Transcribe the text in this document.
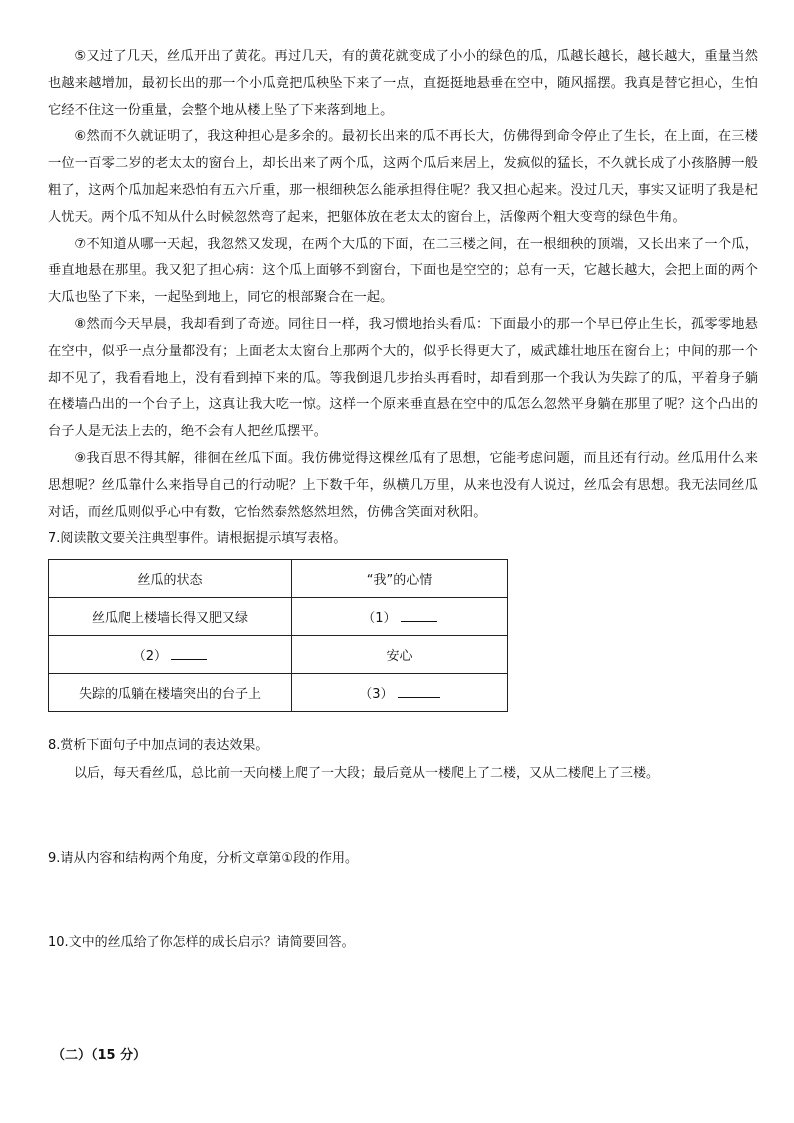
⑤又过了几天，丝瓜开出了黄花。再过几天，有的黄花就变成了小小的绿色的瓜，瓜越长越长，越长越大，重量当然也越来越增加，最初长出的那一个小瓜竟把瓜秧坠下来了一点，直挺挺地悬垂在空中，随风摇摆。我真是替它担心，生怕它经不住这一份重量，会整个地从楼上坠了下来落到地上。

⑥然而不久就证明了，我这种担心是多余的。最初长出来的瓜不再长大，仿佛得到命令停止了生长，在上面，在三楼一位一百零二岁的老太太的窗台上，却长出来了两个瓜，这两个瓜后来居上，发疯似的猛长，不久就长成了小孩胳膊一般粗了，这两个瓜加起来恐怕有五六斤重，那一根细秧怎么能承担得住呢？我又担心起来。没过几天，事实又证明了我是杞人忧天。两个瓜不知从什么时候忽然弯了起来，把躯体放在老太太的窗台上，活像两个粗大变弯的绿色牛角。

⑦不知道从哪一天起，我忽然又发现，在两个大瓜的下面，在二三楼之间，在一根细秧的顶端，又长出来了一个瓜，垂直地悬在那里。我又犯了担心病：这个瓜上面够不到窗台，下面也是空空的；总有一天，它越长越大，会把上面的两个大瓜也坠了下来，一起坠到地上，同它的根部聚合在一起。

⑧然而今天早晨，我却看到了奇迹。同往日一样，我习惯地抬头看瓜：下面最小的那一个早已停止生长，孤零零地悬在空中，似乎一点分量都没有；上面老太太窗台上那两个大的，似乎长得更大了，威武雄壮地压在窗台上；中间的那一个却不见了，我看看地上，没有看到掉下来的瓜。等我倒退几步抬头再看时，却看到那一个我认为失踪了的瓜，平着身子躺在楼墙凸出的一个台子上，这真让我大吃一惊。这样一个原来垂直悬在空中的瓜怎么忽然平身躺在那里了呢？这个凸出的台子人是无法上去的，绝不会有人把丝瓜摆平。

⑨我百思不得其解，徘徊在丝瓜下面。我仿佛觉得这棵丝瓜有了思想，它能考虑问题，而且还有行动。丝瓜用什么来思想呢？丝瓜靠什么来指导自己的行动呢？上下数千年，纵横几万里，从来也没有人说过，丝瓜会有思想。我无法同丝瓜对话，而丝瓜则似乎心中有数，它怡然泰然悠然坦然，仿佛含笑面对秋阳。

7.阅读散文要关注典型事件。请根据提示填写表格。

丝瓜的状态	“我”的心情
丝瓜爬上楼墙长得又肥又绿	（1）
（2）	安心
失踪的瓜躺在楼墙突出的台子上	（3）

8.赏析下面句子中加点词的表达效果。

以后，每天看丝瓜，总比前一天向楼上爬了一大段；最后竟从一楼爬上了二楼，又从二楼爬上了三楼。

9.请从内容和结构两个角度，分析文章第①段的作用。

10.文中的丝瓜给了你怎样的成长启示？请简要回答。

（二）（15 分）
